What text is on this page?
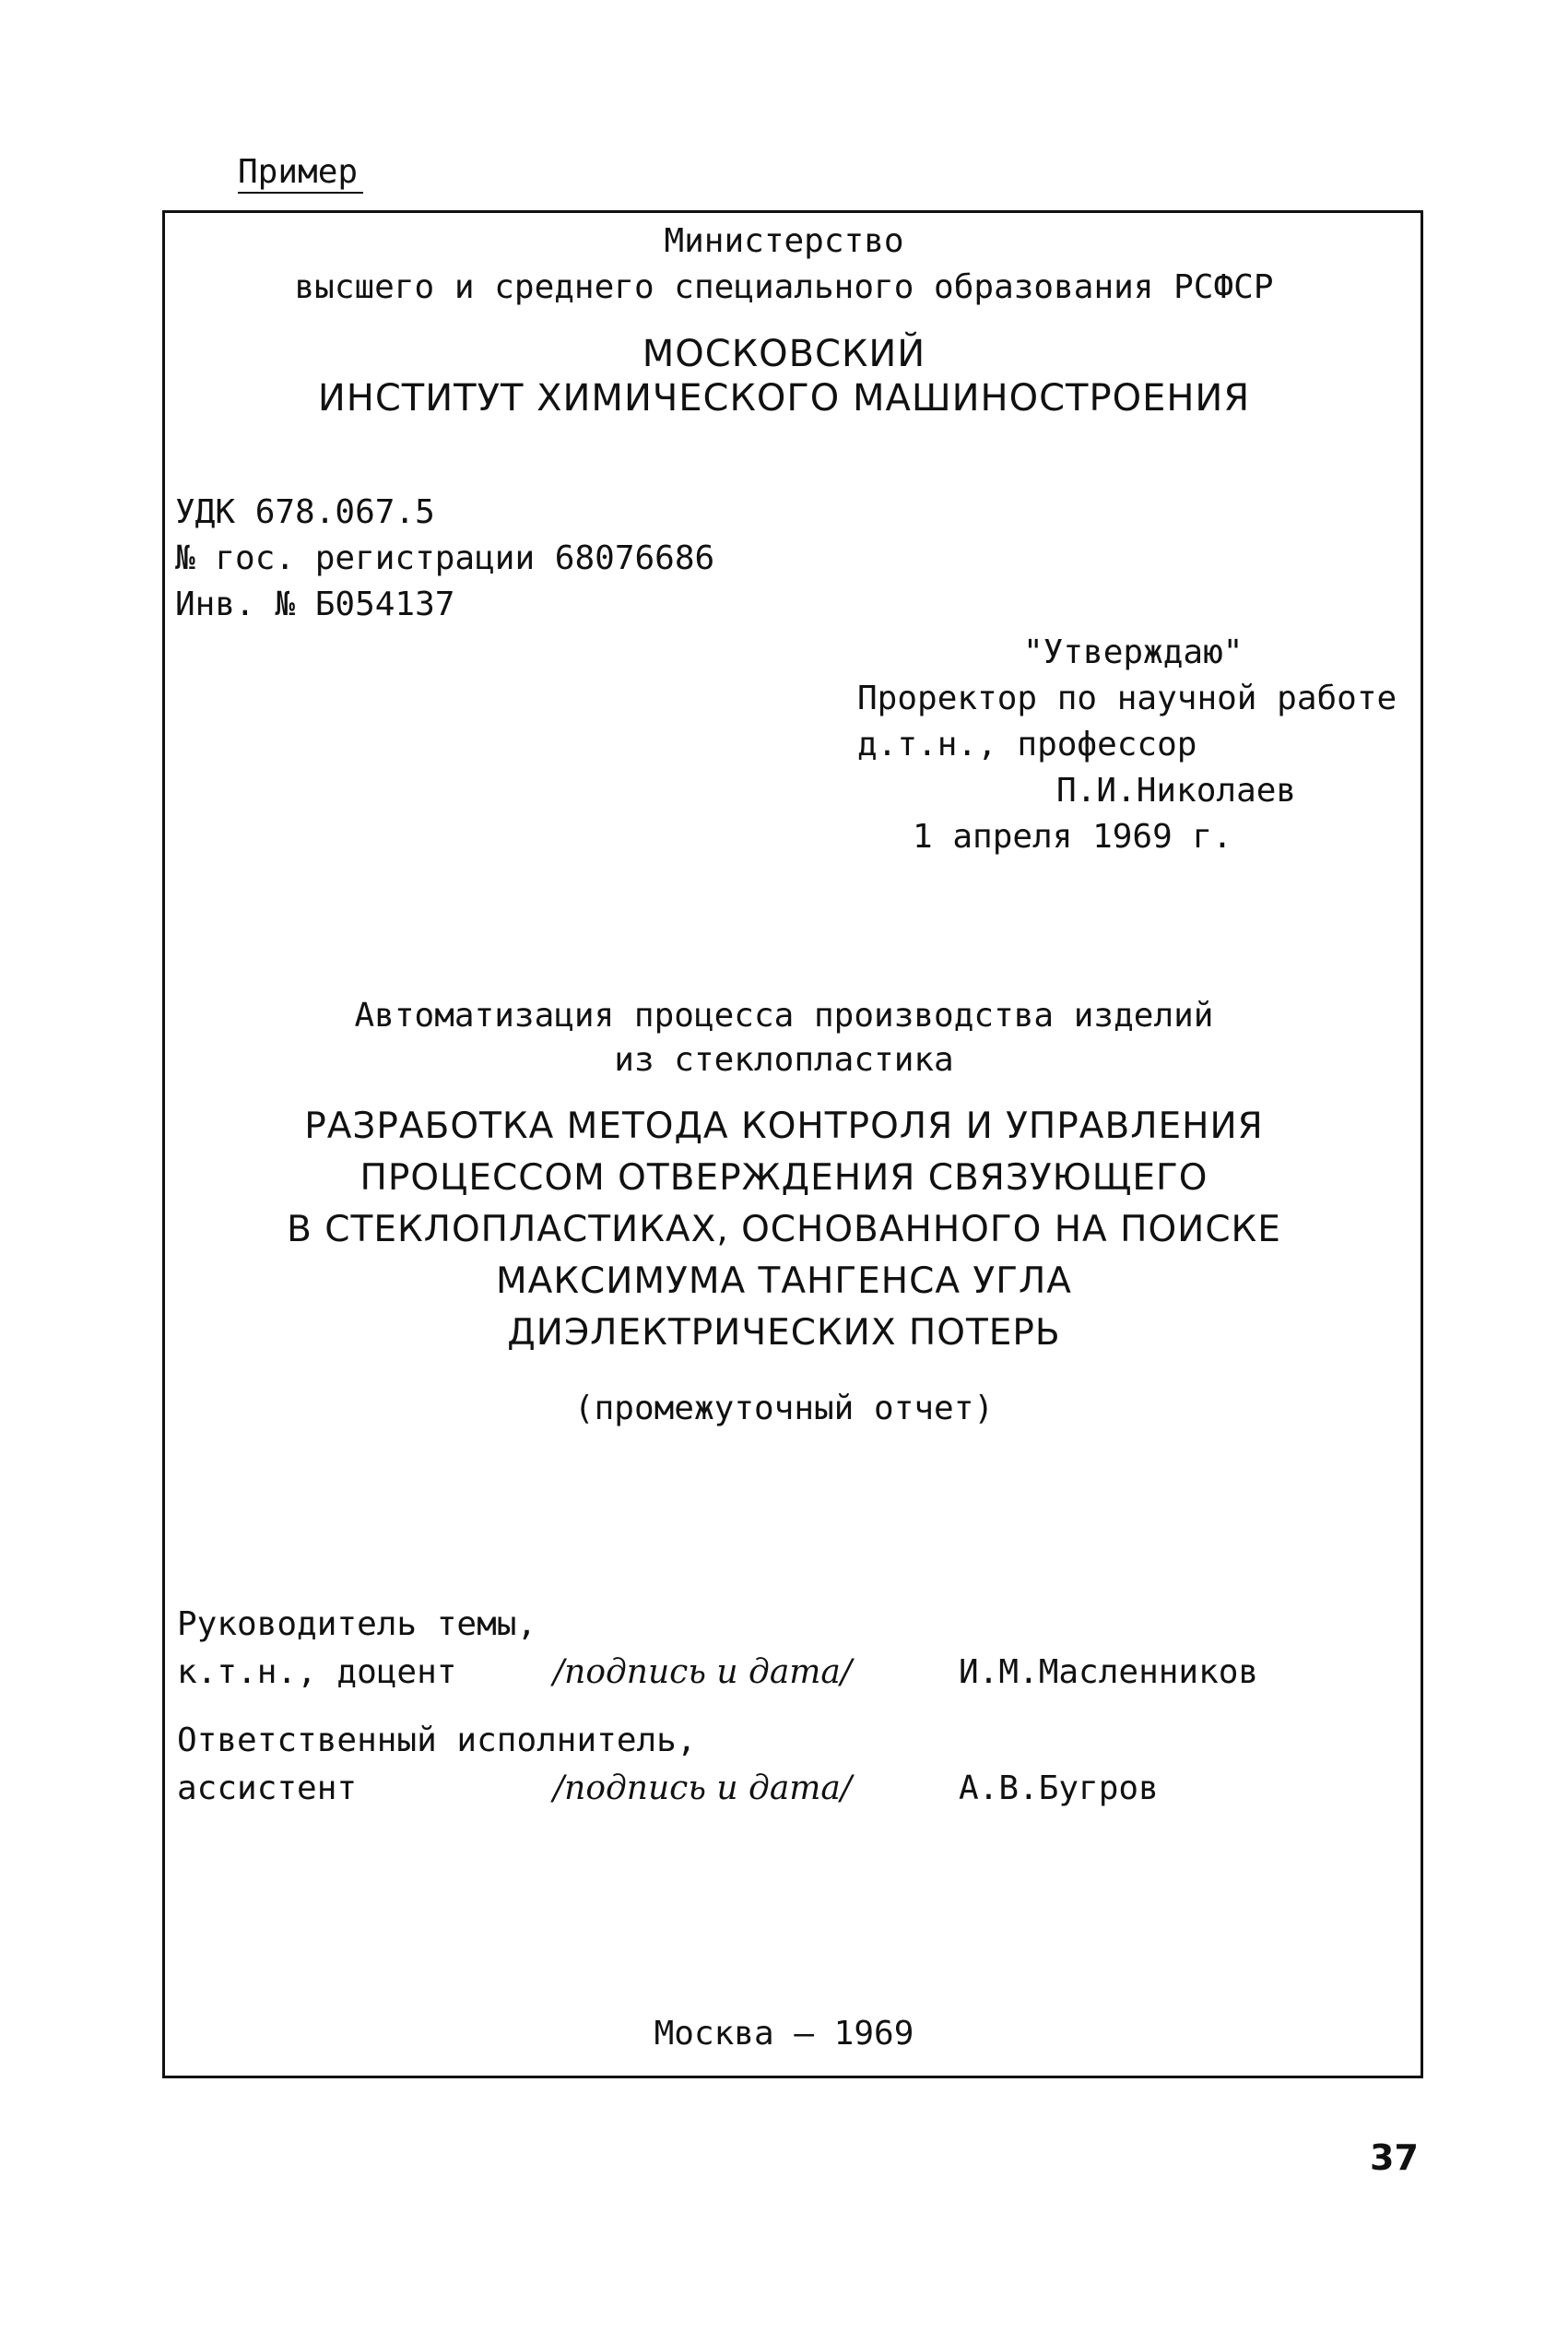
Пример
Министерство
высшего и среднего специального образования РСФСР
МОСКОВСКИЙ
ИНСТИТУТ ХИМИЧЕСКОГО МАШИНОСТРОЕНИЯ
УДК 678.067.5
№ гос. регистрации 68076686
Инв. № Б054137
"Утверждаю"
Проректор по научной работе
д.т.н., профессор
П.И.Николаев
1 апреля 1969 г.
Автоматизация процесса производства изделий
из стеклопластика
РАЗРАБОТКА МЕТОДА КОНТРОЛЯ И УПРАВЛЕНИЯ
ПРОЦЕССОМ ОТВЕРЖДЕНИЯ СВЯЗУЮЩЕГО
В СТЕКЛОПЛАСТИКАХ, ОСНОВАННОГО НА ПОИСКЕ
МАКСИМУМА ТАНГЕНСА УГЛА
ДИЭЛЕКТРИЧЕСКИХ ПОТЕРЬ
(промежуточный отчет)
Руководитель темы,
к.т.н., доцент	/подпись и дата/	И.М.Масленников
Ответственный исполнитель,
ассистент	/подпись и дата/	А.В.Бугров
Москва – 1969
37
